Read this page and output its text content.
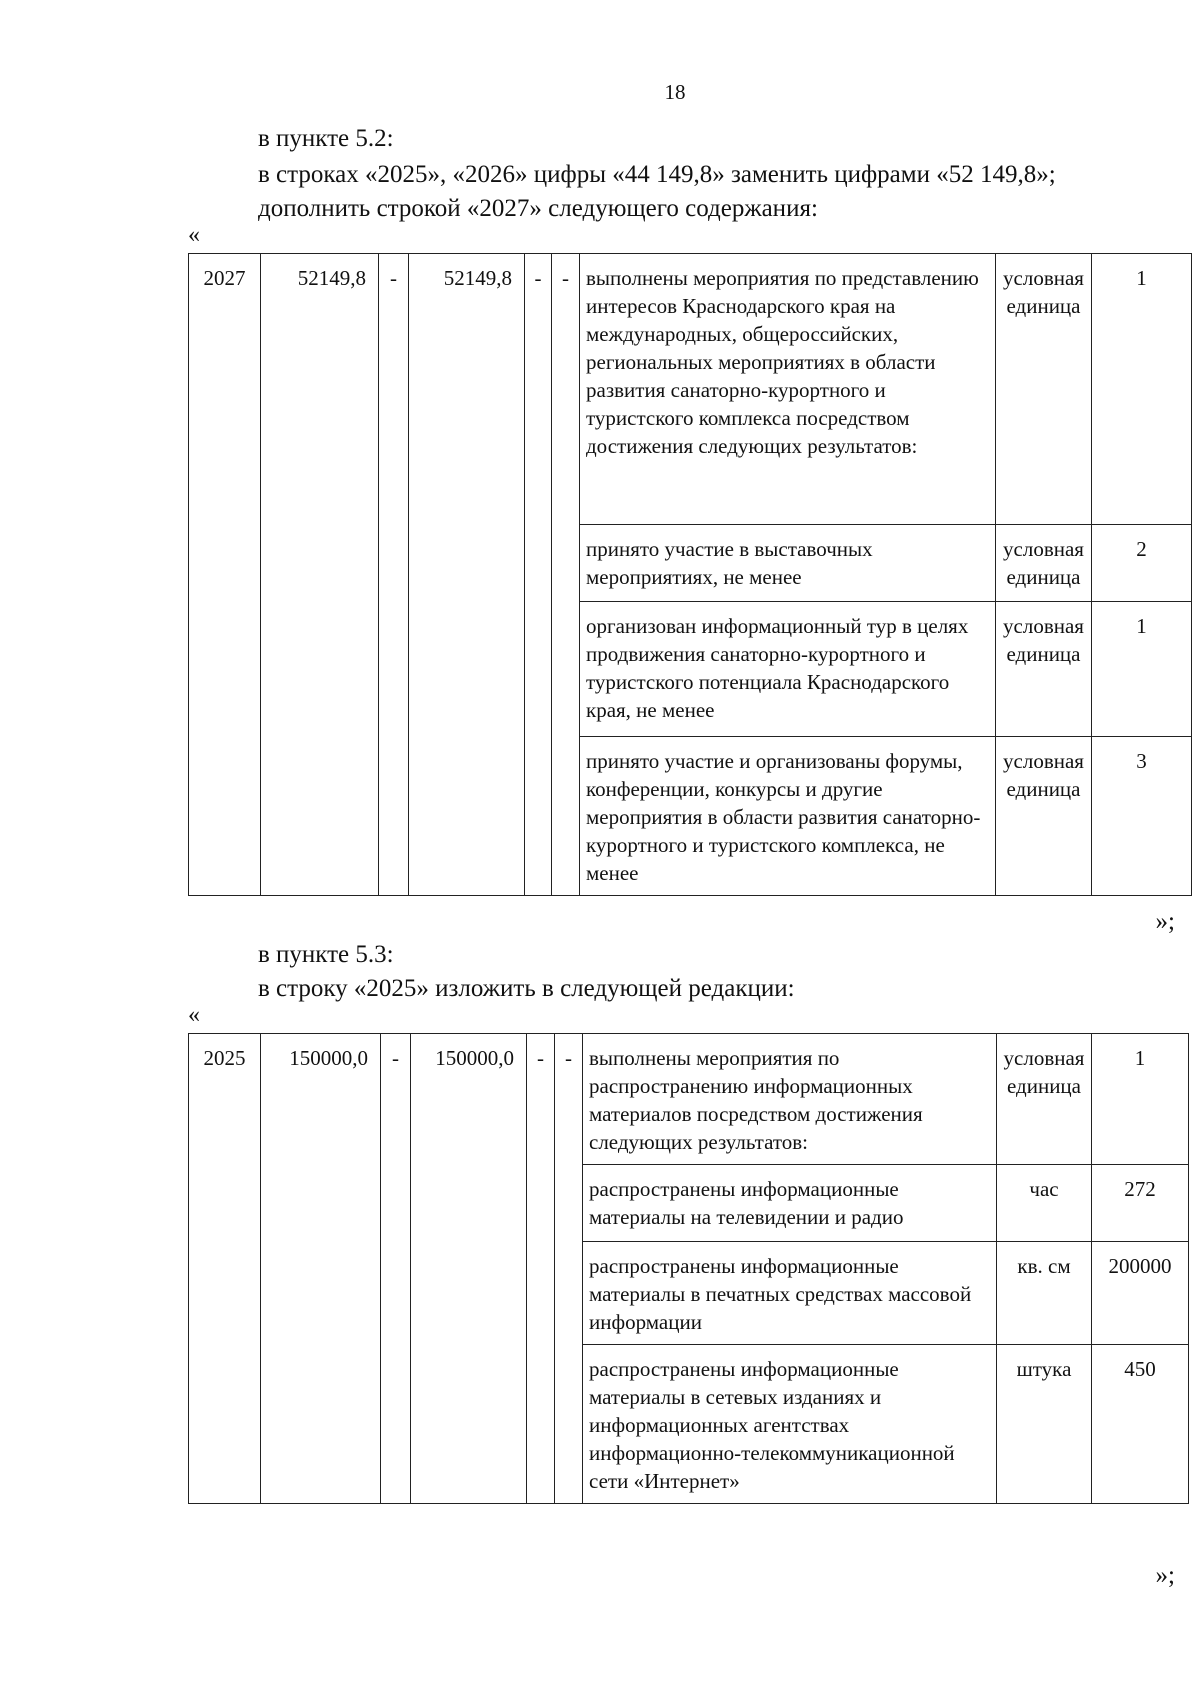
18

в пункте 5.2:

в строках «2025», «2026» цифры «44 149,8» заменить цифрами «52 149,8»;

дополнить строкой «2027» следующего содержания:

«
2027	52149,8	-	52149,8	-	-	выполнены мероприятия по представлению интересов Краснодарского края на международных, общероссийских, региональных мероприятиях в области развития санаторно-курортного и туристского комплекса посредством достижения следующих результатов:	условная единица	1
						принято участие в выставочных мероприятиях, не менее	условная единица	2
						организован информационный тур в целях продвижения санаторно-курортного и туристского потенциала Краснодарского края, не менее	условная единица	1
						принято участие и организованы форумы, конференции, конкурсы и другие мероприятия в области развития санаторно-курортного и туристского комплекса, не менее	условная единица	3
»;

в пункте 5.3:

в строку «2025» изложить в следующей редакции:

«
2025	150000,0	-	150000,0	-	-	выполнены мероприятия по распространению информационных материалов посредством достижения следующих результатов:	условная единица	1
						распространены информационные материалы на телевидении и радио	час	272
						распространены информационные материалы в печатных средствах массовой информации	кв. см	200000
						распространены информационные материалы в сетевых изданиях и информационных агентствах информационно-телекоммуникационной сети «Интернет»	штука	450
»;
